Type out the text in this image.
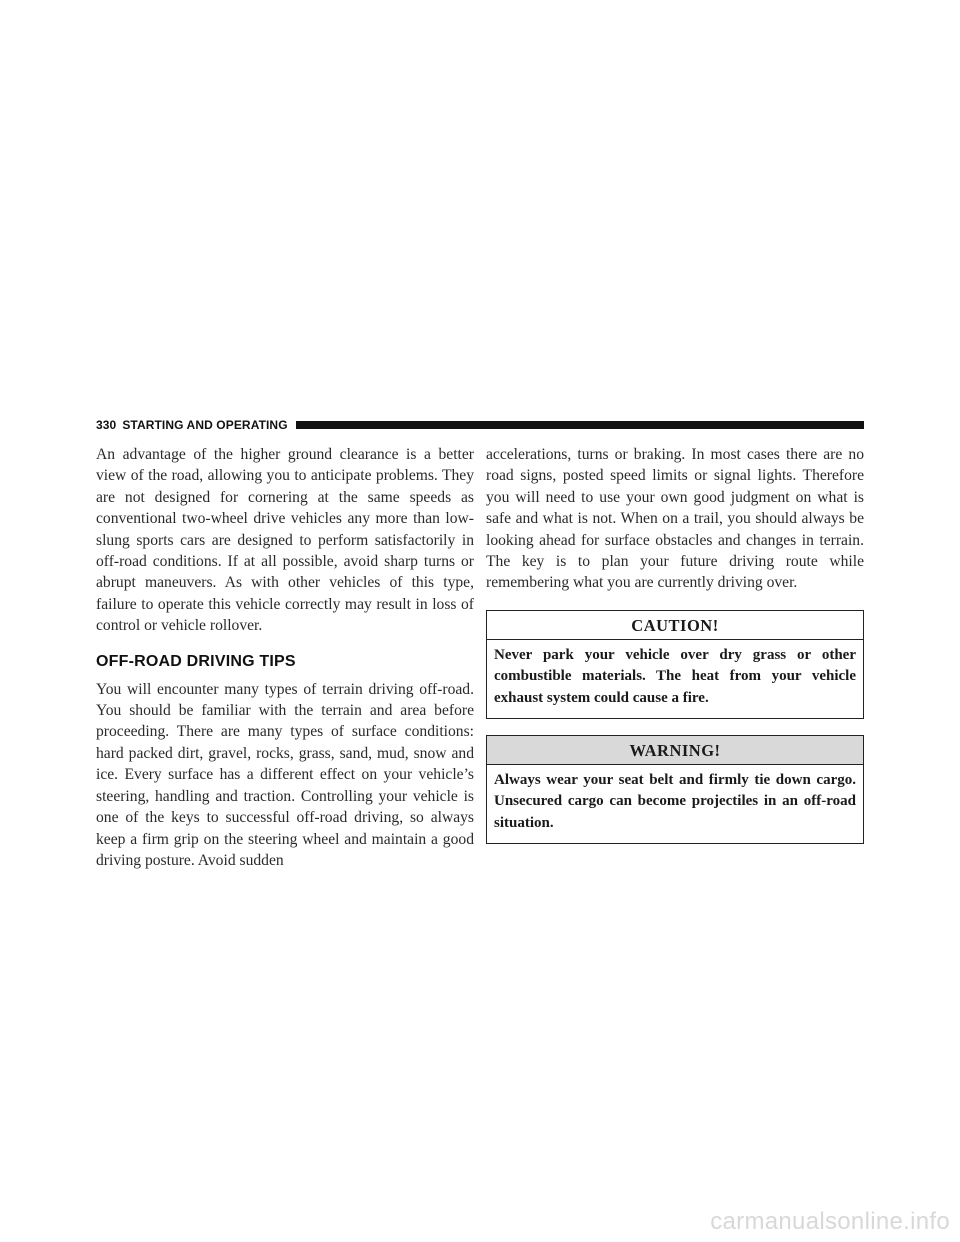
330 STARTING AND OPERATING

An advantage of the higher ground clearance is a better view of the road, allowing you to anticipate problems. They are not designed for cornering at the same speeds as conventional two-wheel drive vehicles any more than low-slung sports cars are designed to perform satisfactorily in off-road conditions. If at all possible, avoid sharp turns or abrupt maneuvers. As with other vehicles of this type, failure to operate this vehicle correctly may result in loss of control or vehicle rollover.

OFF-ROAD DRIVING TIPS

You will encounter many types of terrain driving off-road. You should be familiar with the terrain and area before proceeding. There are many types of surface conditions: hard packed dirt, gravel, rocks, grass, sand, mud, snow and ice. Every surface has a different effect on your vehicle’s steering, handling and traction. Controlling your vehicle is one of the keys to successful off-road driving, so always keep a firm grip on the steering wheel and maintain a good driving posture. Avoid sudden

accelerations, turns or braking. In most cases there are no road signs, posted speed limits or signal lights. Therefore you will need to use your own good judgment on what is safe and what is not. When on a trail, you should always be looking ahead for surface obstacles and changes in terrain. The key is to plan your future driving route while remembering what you are currently driving over.

CAUTION!

Never park your vehicle over dry grass or other combustible materials. The heat from your vehicle exhaust system could cause a fire.

WARNING!

Always wear your seat belt and firmly tie down cargo. Unsecured cargo can become projectiles in an off-road situation.

carmanualsonline.info
